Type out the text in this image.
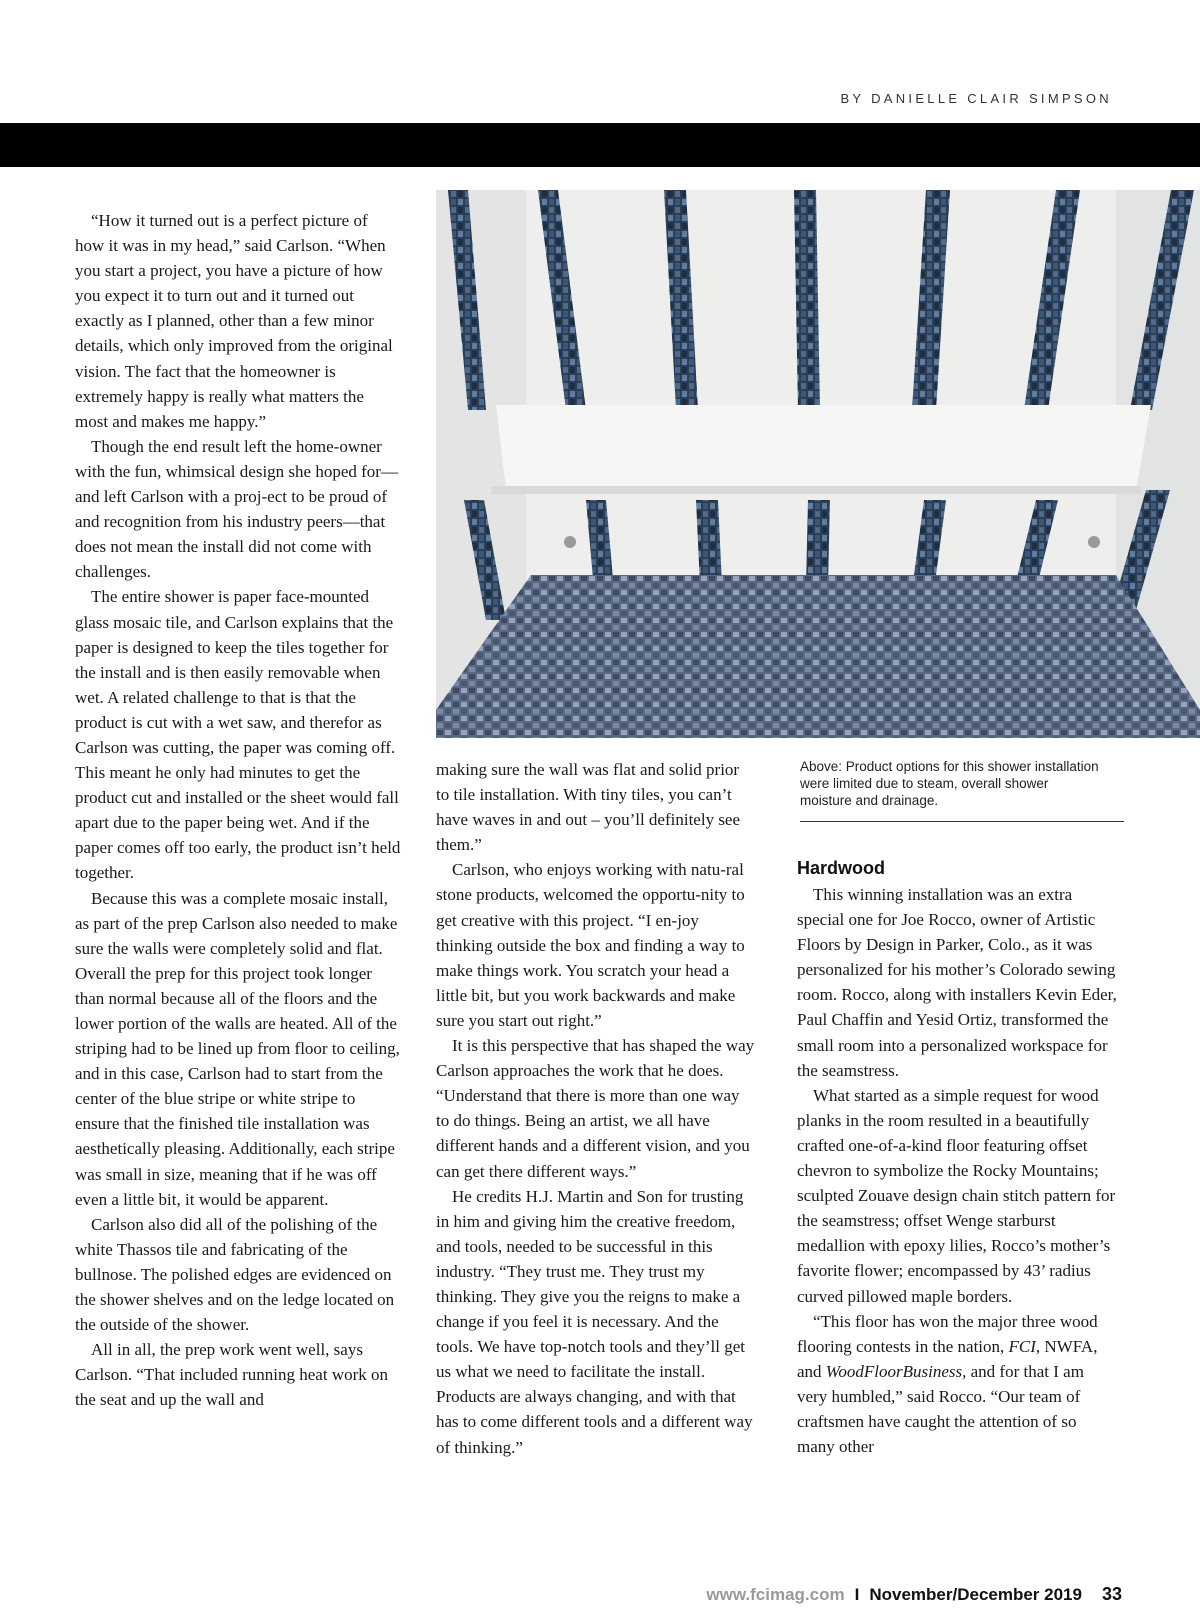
BY DANIELLE CLAIR SIMPSON

“How it turned out is a perfect picture of how it was in my head,” said Carlson. “When you start a project, you have a picture of how you expect it to turn out and it turned out exactly as I planned, other than a few minor details, which only improved from the original vision. The fact that the homeowner is extremely happy is really what matters the most and makes me happy.”

Though the end result left the home-owner with the fun, whimsical design she hoped for—and left Carlson with a proj-ect to be proud of and recognition from his industry peers—that does not mean the install did not come with challenges.

The entire shower is paper face-mounted glass mosaic tile, and Carlson explains that the paper is designed to keep the tiles together for the install and is then easily removable when wet. A related challenge to that is that the product is cut with a wet saw, and therefor as Carlson was cutting, the paper was coming off. This meant he only had minutes to get the product cut and installed or the sheet would fall apart due to the paper being wet. And if the paper comes off too early, the product isn’t held together.

Because this was a complete mosaic install, as part of the prep Carlson also needed to make sure the walls were completely solid and flat. Overall the prep for this project took longer than normal because all of the floors and the lower portion of the walls are heated. All of the striping had to be lined up from floor to ceiling, and in this case, Carlson had to start from the center of the blue stripe or white stripe to ensure that the finished tile installation was aesthetically pleasing. Additionally, each stripe was small in size, meaning that if he was off even a little bit, it would be apparent.

Carlson also did all of the polishing of the white Thassos tile and fabricating of the bullnose. The polished edges are evidenced on the shower shelves and on the ledge located on the outside of the shower.

All in all, the prep work went well, says Carlson. “That included running heat work on the seat and up the wall and

Above: Product options for this shower installation were limited due to steam, overall shower moisture and drainage.

making sure the wall was flat and solid prior to tile installation. With tiny tiles, you can’t have waves in and out – you’ll definitely see them.”

Carlson, who enjoys working with natu-ral stone products, welcomed the opportu-nity to get creative with this project. “I en-joy thinking outside the box and finding a way to make things work. You scratch your head a little bit, but you work backwards and make sure you start out right.”

It is this perspective that has shaped the way Carlson approaches the work that he does. “Understand that there is more than one way to do things. Being an artist, we all have different hands and a different vision, and you can get there different ways.”

He credits H.J. Martin and Son for trusting in him and giving him the creative freedom, and tools, needed to be successful in this industry. “They trust me. They trust my thinking. They give you the reigns to make a change if you feel it is necessary. And the tools. We have top-notch tools and they’ll get us what we need to facilitate the install. Products are always changing, and with that has to come different tools and a different way of thinking.”

Hardwood

This winning installation was an extra special one for Joe Rocco, owner of Artistic Floors by Design in Parker, Colo., as it was personalized for his mother’s Colorado sewing room. Rocco, along with installers Kevin Eder, Paul Chaffin and Yesid Ortiz, transformed the small room into a personalized workspace for the seamstress.

What started as a simple request for wood planks in the room resulted in a beautifully crafted one-of-a-kind floor featuring offset chevron to symbolize the Rocky Mountains; sculpted Zouave design chain stitch pattern for the seamstress; offset Wenge starburst medallion with epoxy lilies, Rocco’s mother’s favorite flower; encompassed by 43’ radius curved pillowed maple borders.

“This floor has won the major three wood flooring contests in the nation, FCI, NWFA, and WoodFloorBusiness, and for that I am very humbled,” said Rocco. “Our team of craftsmen have caught the attention of so many other

www.fcimag.com I November/December 2019 33
